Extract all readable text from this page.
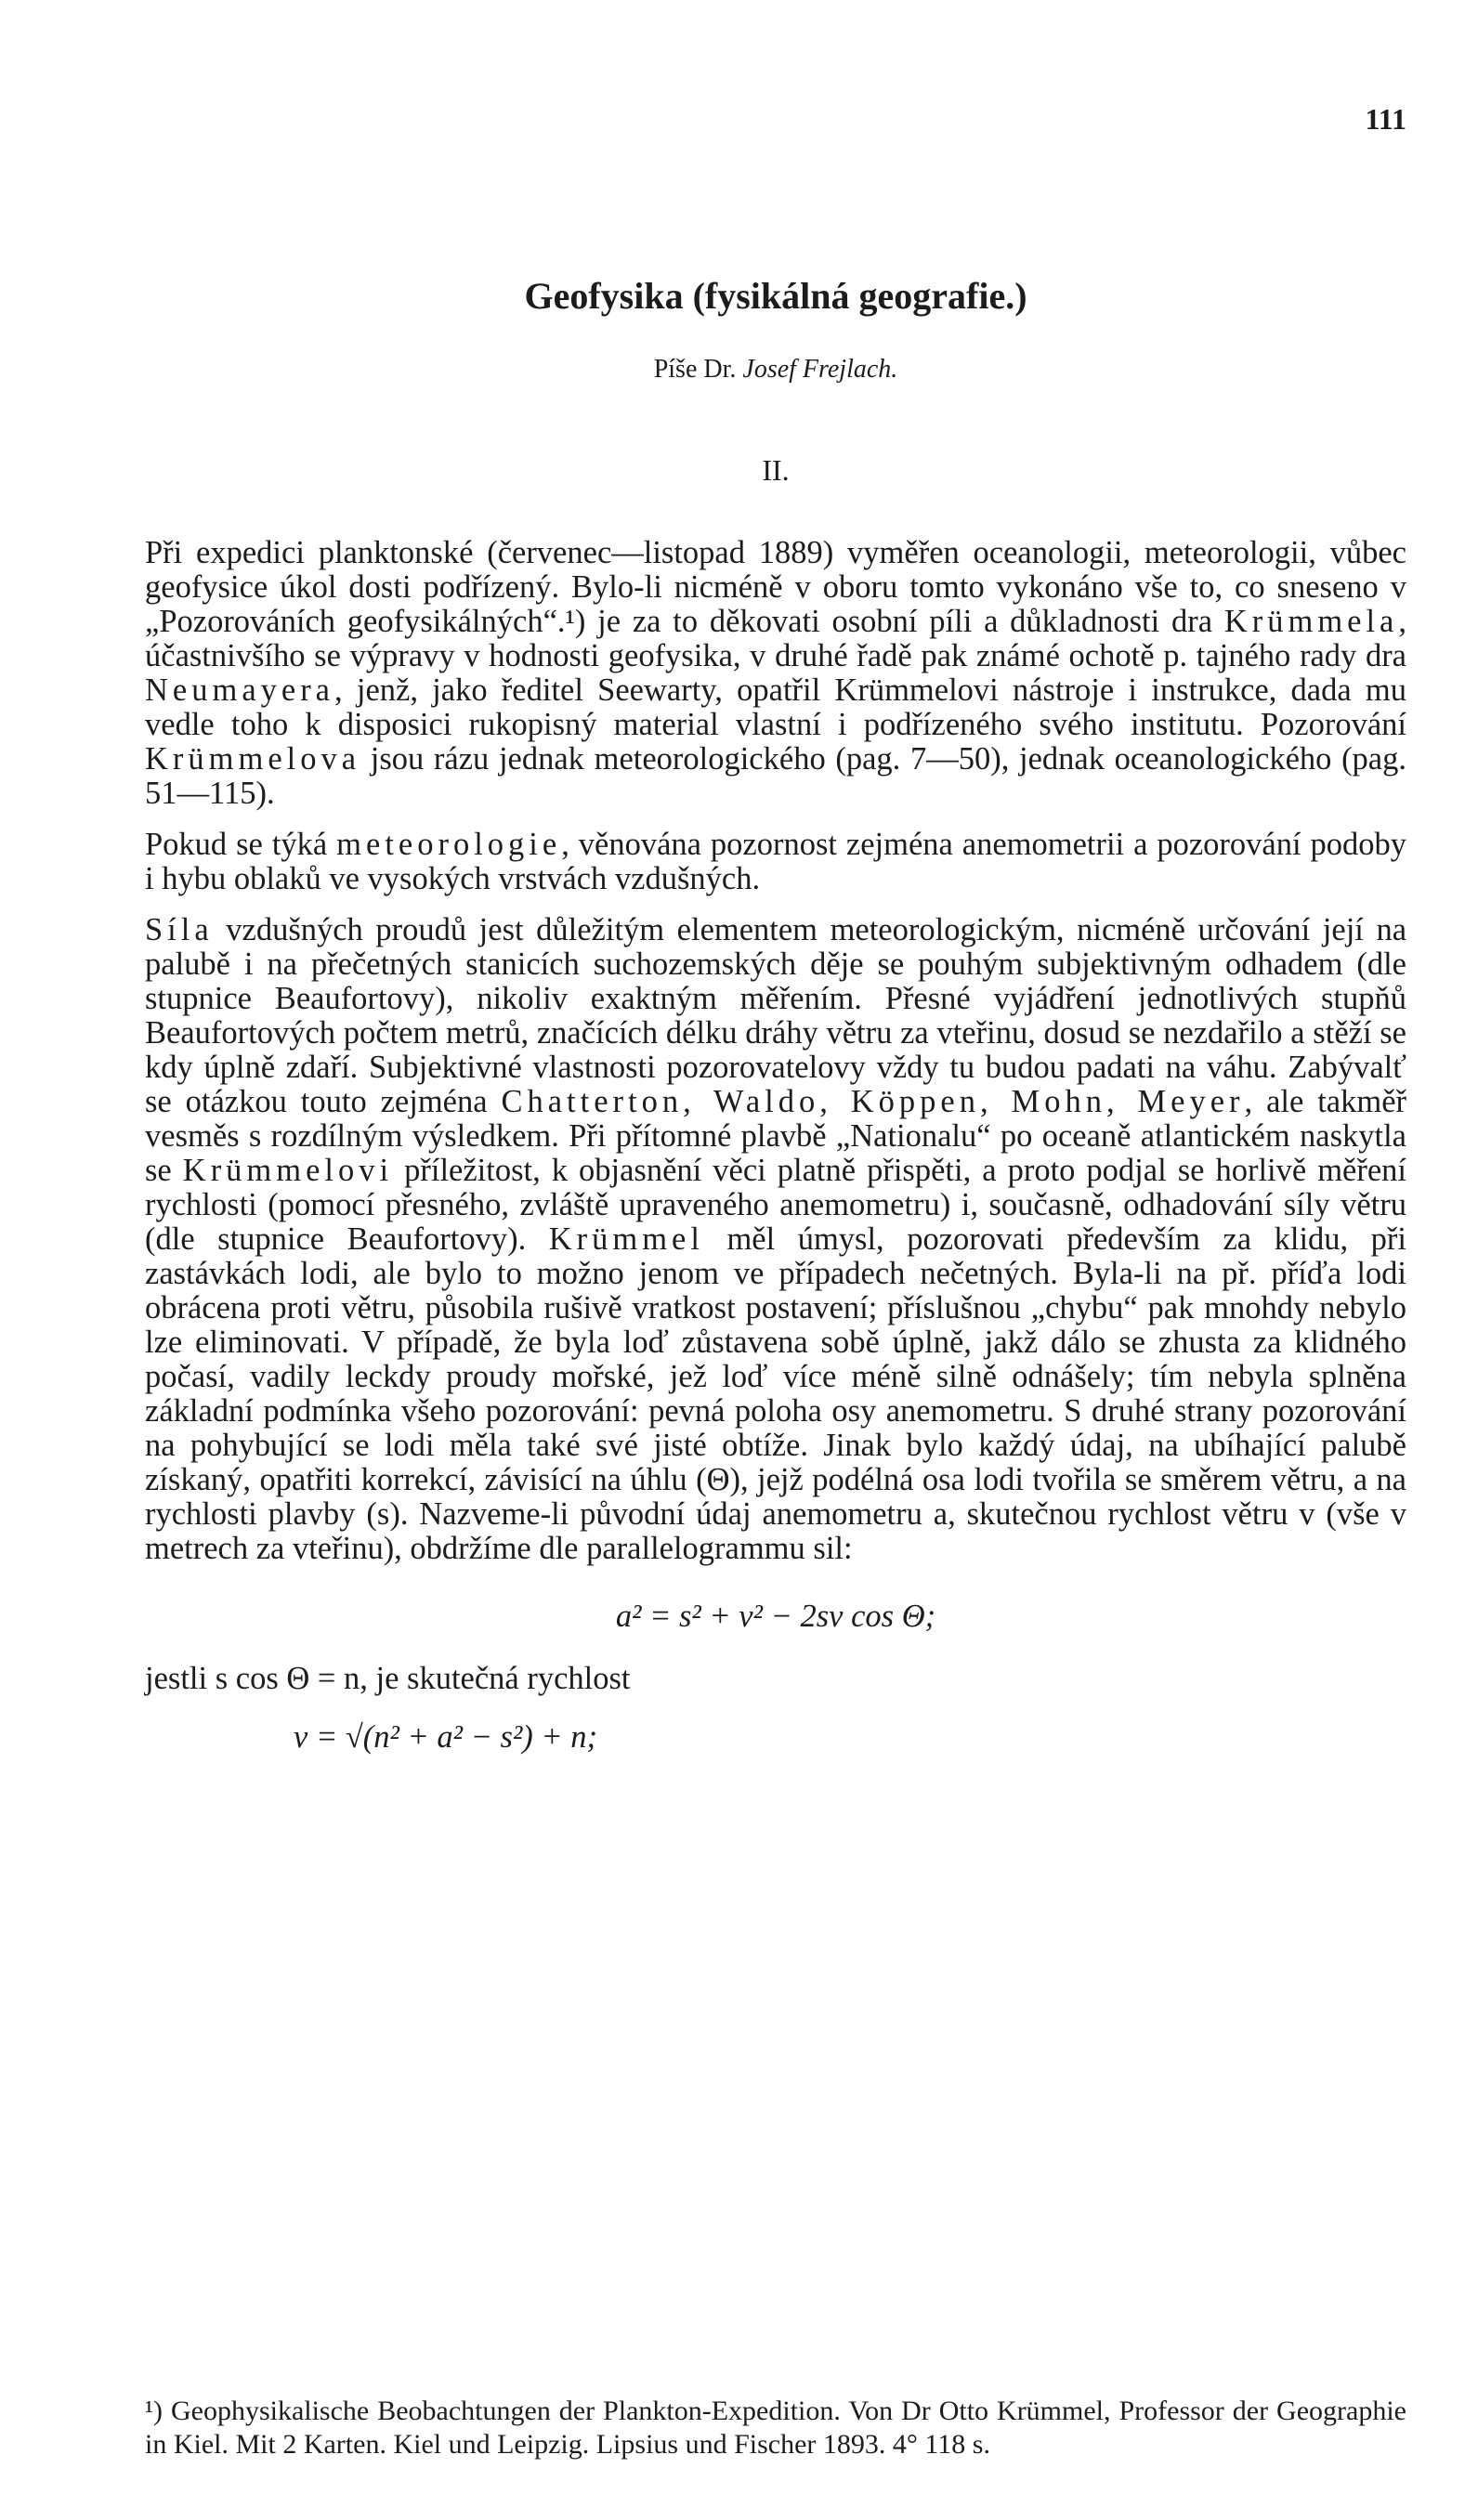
111
Geofysika (fysikálná geografie.)
Píše Dr. Josef Frejlach.
II.

Při expedici planktonské (červenec—listopad 1889) vyměřen oceanologii, meteorologii, vůbec geofysice úkol dosti podřízený. Bylo-li nicméně v oboru tomto vykonáno vše to, co sneseno v „Pozorováních geofysikálných“.¹) je za to děkovati osobní píli a důkladnosti dra Krümmela, účastnivšího se výpravy v hodnosti geofysika, v druhé řadě pak známé ochotě p. tajného rady dra Neumayera, jenž, jako ředitel Seewarty, opatřil Krümmelovi nástroje i instrukce, dada mu vedle toho k disposici rukopisný material vlastní i podřízeného svého institutu. Pozorování Krümmelova jsou rázu jednak meteorologického (pag. 7—50), jednak oceanologického (pag. 51—115).

Pokud se týká meteorologie, věnována pozornost zejména anemometrii a pozorování podoby i hybu oblaků ve vysokých vrstvách vzdušných.

Síla vzdušných proudů jest důležitým elementem meteorologickým, nicméně určování její na palubě i na přečetných stanicích suchozemských děje se pouhým subjektivným odhadem (dle stupnice Beaufortovy), nikoliv exaktným měřením. Přesné vyjádření jednotlivých stupňů Beaufortových počtem metrů, značících délku dráhy větru za vteřinu, dosud se nezdařilo a stěží se kdy úplně zdaří. Subjektivné vlastnosti pozorovatelovy vždy tu budou padati na váhu. Zabývalť se otázkou touto zejména Chatterton, Waldo, Köppen, Mohn, Meyer, ale takměř vesměs s rozdílným výsledkem. Při přítomné plavbě „Nationalu“ po oceaně atlantickém naskytla se Krümmelovi příležitost, k objasnění věci platně přispěti, a proto podjal se horlivě měření rychlosti (pomocí přesného, zvláště upraveného anemometru) i, současně, odhadování síly větru (dle stupnice Beaufortovy). Krümmel měl úmysl, pozorovati především za klidu, při zastávkách lodi, ale bylo to možno jenom ve případech nečetných. Byla-li na př. příďa lodi obrácena proti větru, působila rušivě vratkost postavení; příslušnou „chybu“ pak mnohdy nebylo lze eliminovati. V případě, že byla loď zůstavena sobě úplně, jakž dálo se zhusta za klidného počasí, vadily leckdy proudy mořské, jež loď více méně silně odnášely; tím nebyla splněna základní podmínka všeho pozorování: pevná poloha osy anemometru. S druhé strany pozorování na pohybující se lodi měla také své jisté obtíže. Jinak bylo každý údaj, na ubíhající palubě získaný, opatřiti korrekcí, závisící na úhlu (Θ), jejž podélná osa lodi tvořila se směrem větru, a na rychlosti plavby (s). Nazveme-li původní údaj anemometru a, skutečnou rychlost větru v (vše v metrech za vteřinu), obdržíme dle parallelogrammu sil:

a² = s² + v² − 2sv cos Θ;

jestli s cos Θ = n, je skutečná rychlost

v = √(n² + a² − s²) + n;
¹) Geophysikalische Beobachtungen der Plankton-Expedition. Von Dr Otto Krümmel, Professor der Geographie in Kiel. Mit 2 Karten. Kiel und Leipzig. Lipsius und Fischer 1893. 4° 118 s.
